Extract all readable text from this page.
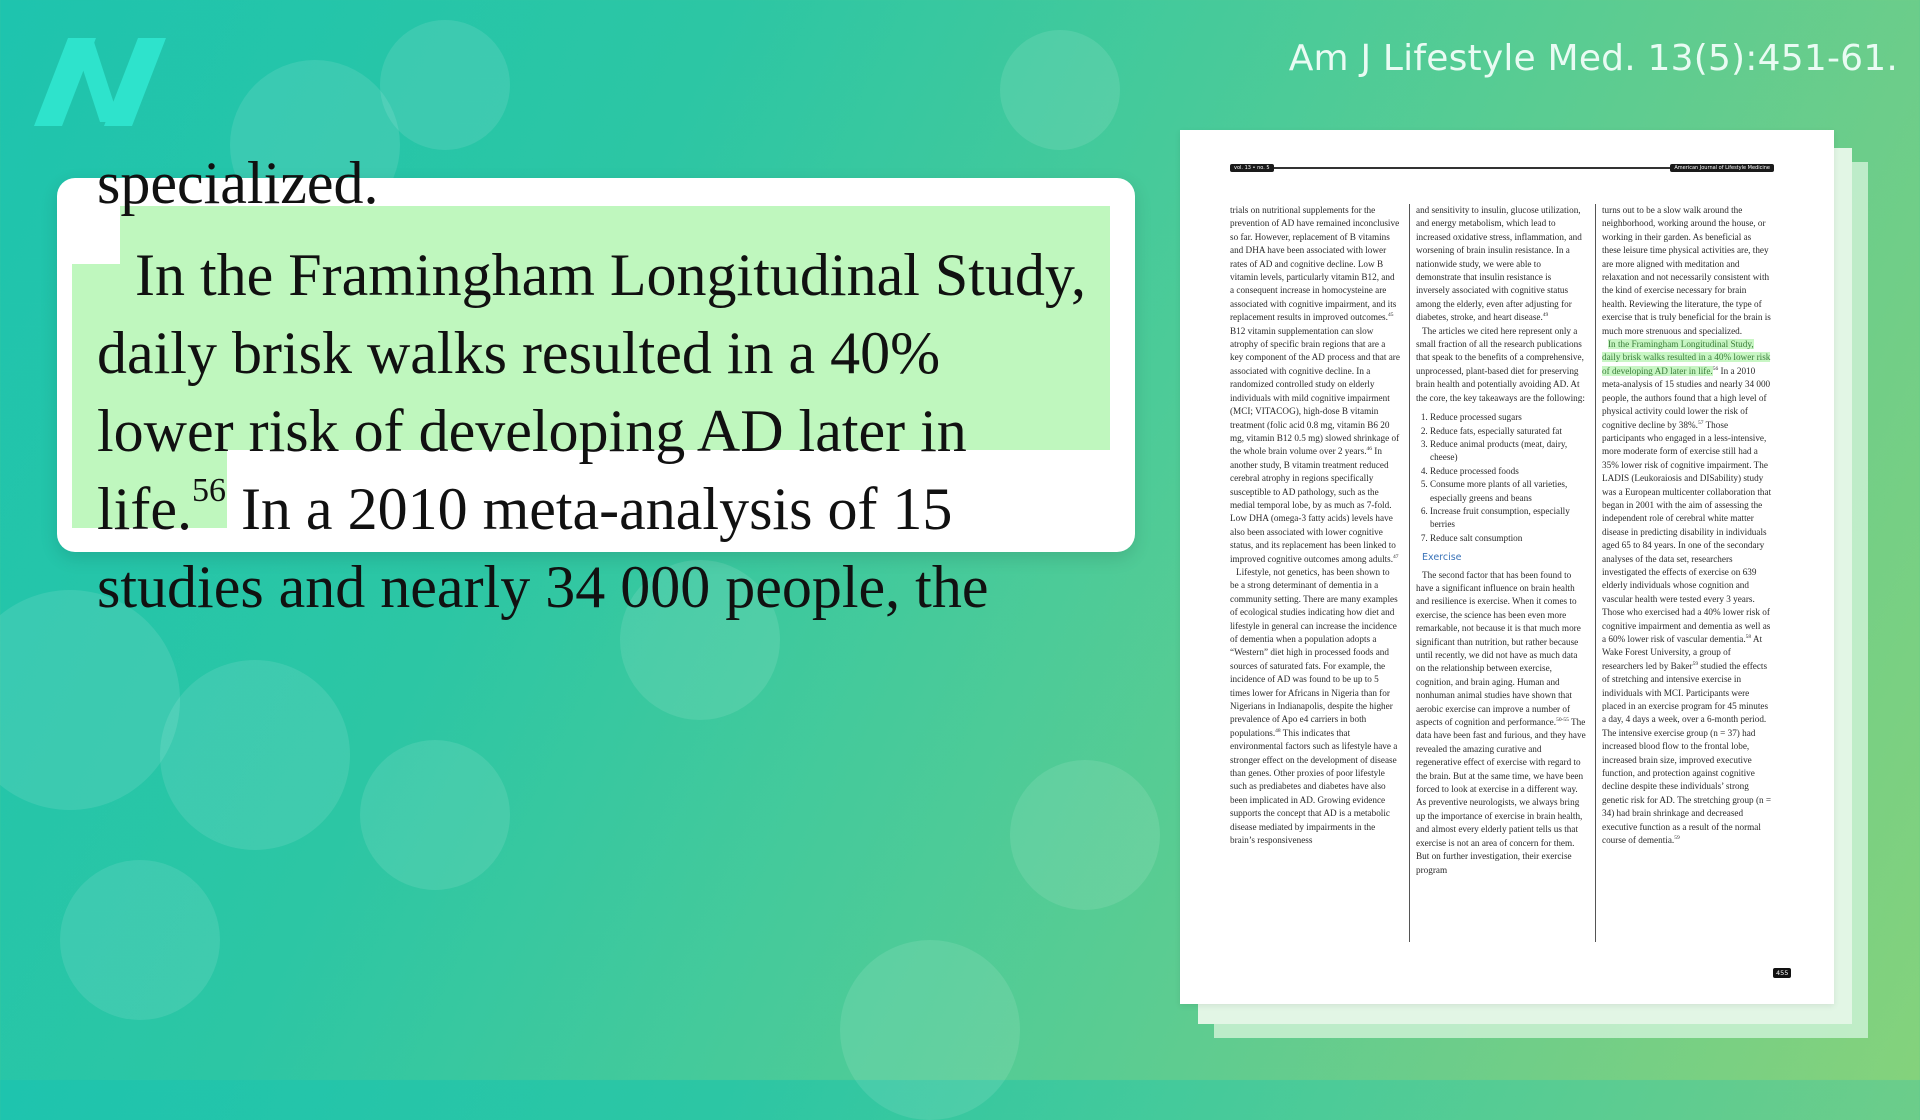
Am J Lifestyle Med. 13(5):451-61.
specialized.
In the Framingham Longitudinal Study,
daily brisk walks resulted in a 40%
lower risk of developing AD later in
life.$^{56}$ In a 2010 meta-analysis of 15
studies and nearly 34 000 people, the
vol. 13 • no. 5	American Journal of Lifestyle Medicine

trials on nutritional supplements for the prevention of AD have remained inconclusive so far. However, replacement of B vitamins and DHA have been associated with lower rates of AD and cognitive decline. Low B vitamin levels, particularly vitamin B12, and a consequent increase in homocysteine are associated with cognitive impairment, and its replacement results in improved outcomes.$^{45}$ B12 vitamin supplementation can slow atrophy of specific brain regions that are a key component of the AD process and that are associated with cognitive decline. In a randomized controlled study on elderly individuals with mild cognitive impairment (MCI; VITACOG), high-dose B vitamin treatment (folic acid 0.8 mg, vitamin B6 20 mg, vitamin B12 0.5 mg) slowed shrinkage of the whole brain volume over 2 years.$^{46}$ In another study, B vitamin treatment reduced cerebral atrophy in regions specifically susceptible to AD pathology, such as the medial temporal lobe, by as much as 7-fold. Low DHA (omega-3 fatty acids) levels have also been associated with lower cognitive status, and its replacement has been linked to improved cognitive outcomes among adults.$^{47}$

Lifestyle, not genetics, has been shown to be a strong determinant of dementia in a community setting. There are many examples of ecological studies indicating how diet and lifestyle in general can increase the incidence of dementia when a population adopts a “Western” diet high in processed foods and sources of saturated fats. For example, the incidence of AD was found to be up to 5 times lower for Africans in Nigeria than for Nigerians in Indianapolis, despite the higher prevalence of Apo e4 carriers in both populations.$^{48}$ This indicates that environmental factors such as lifestyle have a stronger effect on the development of disease than genes. Other proxies of poor lifestyle such as prediabetes and diabetes have also been implicated in AD. Growing evidence supports the concept that AD is a metabolic disease mediated by impairments in the brain’s responsiveness

and sensitivity to insulin, glucose utilization, and energy metabolism, which lead to increased oxidative stress, inflammation, and worsening of brain insulin resistance. In a nationwide study, we were able to demonstrate that insulin resistance is inversely associated with cognitive status among the elderly, even after adjusting for diabetes, stroke, and heart disease.$^{49}$

The articles we cited here represent only a small fraction of all the research publications that speak to the benefits of a comprehensive, unprocessed, plant-based diet for preserving brain health and potentially avoiding AD. At the core, the key takeaways are the following:

1. Reduce processed sugars
2. Reduce fats, especially saturated fat
3. Reduce animal products (meat, dairy, cheese)
4. Reduce processed foods
5. Consume more plants of all varieties, especially greens and beans
6. Increase fruit consumption, especially berries
7. Reduce salt consumption
Exercise

The second factor that has been found to have a significant influence on brain health and resilience is exercise. When it comes to exercise, the science has been even more remarkable, not because it is that much more significant than nutrition, but rather because until recently, we did not have as much data on the relationship between exercise, cognition, and brain aging. Human and nonhuman animal studies have shown that aerobic exercise can improve a number of aspects of cognition and performance.$^{50-55}$ The data have been fast and furious, and they have revealed the amazing curative and regenerative effect of exercise with regard to the brain. But at the same time, we have been forced to look at exercise in a different way. As preventive neurologists, we always bring up the importance of exercise in brain health, and almost every elderly patient tells us that exercise is not an area of concern for them. But on further investigation, their exercise program

turns out to be a slow walk around the neighborhood, working around the house, or working in their garden. As beneficial as these leisure time physical activities are, they are more aligned with meditation and relaxation and not necessarily consistent with the kind of exercise necessary for brain health. Reviewing the literature, the type of exercise that is truly beneficial for the brain is much more strenuous and specialized.

In the Framingham Longitudinal Study, daily brisk walks resulted in a 40% lower risk of developing AD later in life.$^{56}$ In a 2010 meta-analysis of 15 studies and nearly 34 000 people, the authors found that a high level of physical activity could lower the risk of cognitive decline by 38%.$^{57}$ Those participants who engaged in a less-intensive, more moderate form of exercise still had a 35% lower risk of cognitive impairment. The LADIS (Leukoraiosis and DISability) study was a European multicenter collaboration that began in 2001 with the aim of assessing the independent role of cerebral white matter disease in predicting disability in individuals aged 65 to 84 years. In one of the secondary analyses of the data set, researchers investigated the effects of exercise on 639 elderly individuals whose cognition and vascular health were tested every 3 years. Those who exercised had a 40% lower risk of cognitive impairment and dementia as well as a 60% lower risk of vascular dementia.$^{58}$ At Wake Forest University, a group of researchers led by Baker$^{59}$ studied the effects of stretching and intensive exercise in individuals with MCI. Participants were placed in an exercise program for 45 minutes a day, 4 days a week, over a 6-month period. The intensive exercise group (n = 37) had increased blood flow to the frontal lobe, increased brain size, improved executive function, and protection against cognitive decline despite these individuals’ strong genetic risk for AD. The stretching group (n = 34) had brain shrinkage and decreased executive function as a result of the normal course of dementia.$^{59}$

455
